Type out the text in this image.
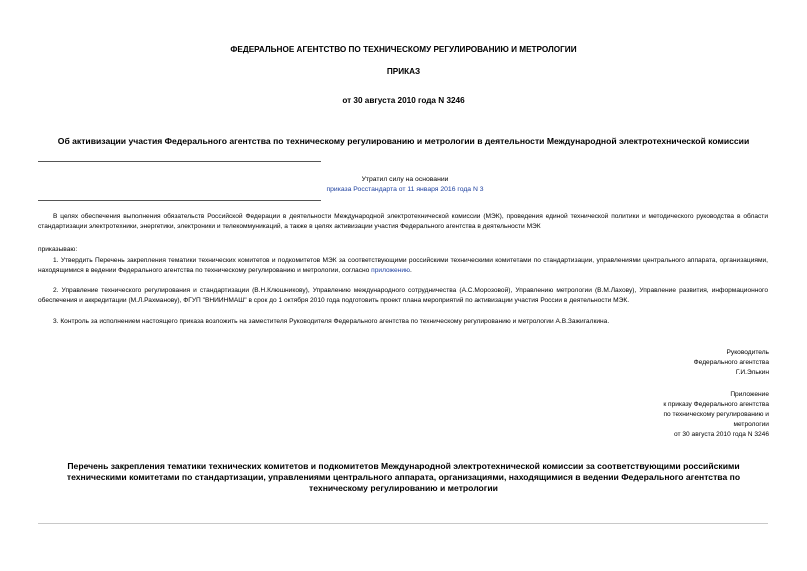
ФЕДЕРАЛЬНОЕ АГЕНТСТВО ПО ТЕХНИЧЕСКОМУ РЕГУЛИРОВАНИЮ И МЕТРОЛОГИИ
ПРИКАЗ
от 30 августа 2010 года N 3246
Об активизации участия Федерального агентства по техническому регулированию и метрологии в деятельности Международной электротехнической комиссии
Утратил силу на основании
приказа Росстандарта от 11 января 2016 года N 3
В целях обеспечения выполнения обязательств Российской Федерации в деятельности Международной электротехнической комиссии (МЭК), проведения единой технической политики и методического руководства в области стандартизации электротехники, энергетики, электроники и телекоммуникаций, а также в целях активизации участия Федерального агентства в деятельности МЭК
приказываю:
1. Утвердить Перечень закрепления тематики технических комитетов и подкомитетов МЭК за соответствующими российскими техническими комитетами по стандартизации, управлениями центрального аппарата, организациями, находящимися в ведении Федерального агентства по техническому регулированию и метрологии, согласно приложению.
2. Управление технического регулирования и стандартизации (В.Н.Клюшникову), Управлению международного сотрудничества (А.С.Морозовой), Управлению метрологии (В.М.Лахову), Управление развития, информационного обеспечения и аккредитации (М.Л.Рахманову), ФГУП "ВНИИНМАШ" в срок до 1 октября 2010 года подготовить проект плана мероприятий по активизации участия России в деятельности МЭК.
3. Контроль за исполнением настоящего приказа возложить на заместителя Руководителя Федерального агентства по техническому регулированию и метрологии А.В.Зажигалкина.
Руководитель
Федерального агентства
Г.И.Элькин
Приложение
к приказу Федерального агентства
по техническому регулированию и
метрологии
от 30 августа 2010 года N 3246
Перечень закрепления тематики технических комитетов и подкомитетов Международной электротехнической комиссии за соответствующими российскими техническими комитетами по стандартизации, управлениями центрального аппарата, организациями, находящимися в ведении Федерального агентства по техническому регулированию и метрологии
